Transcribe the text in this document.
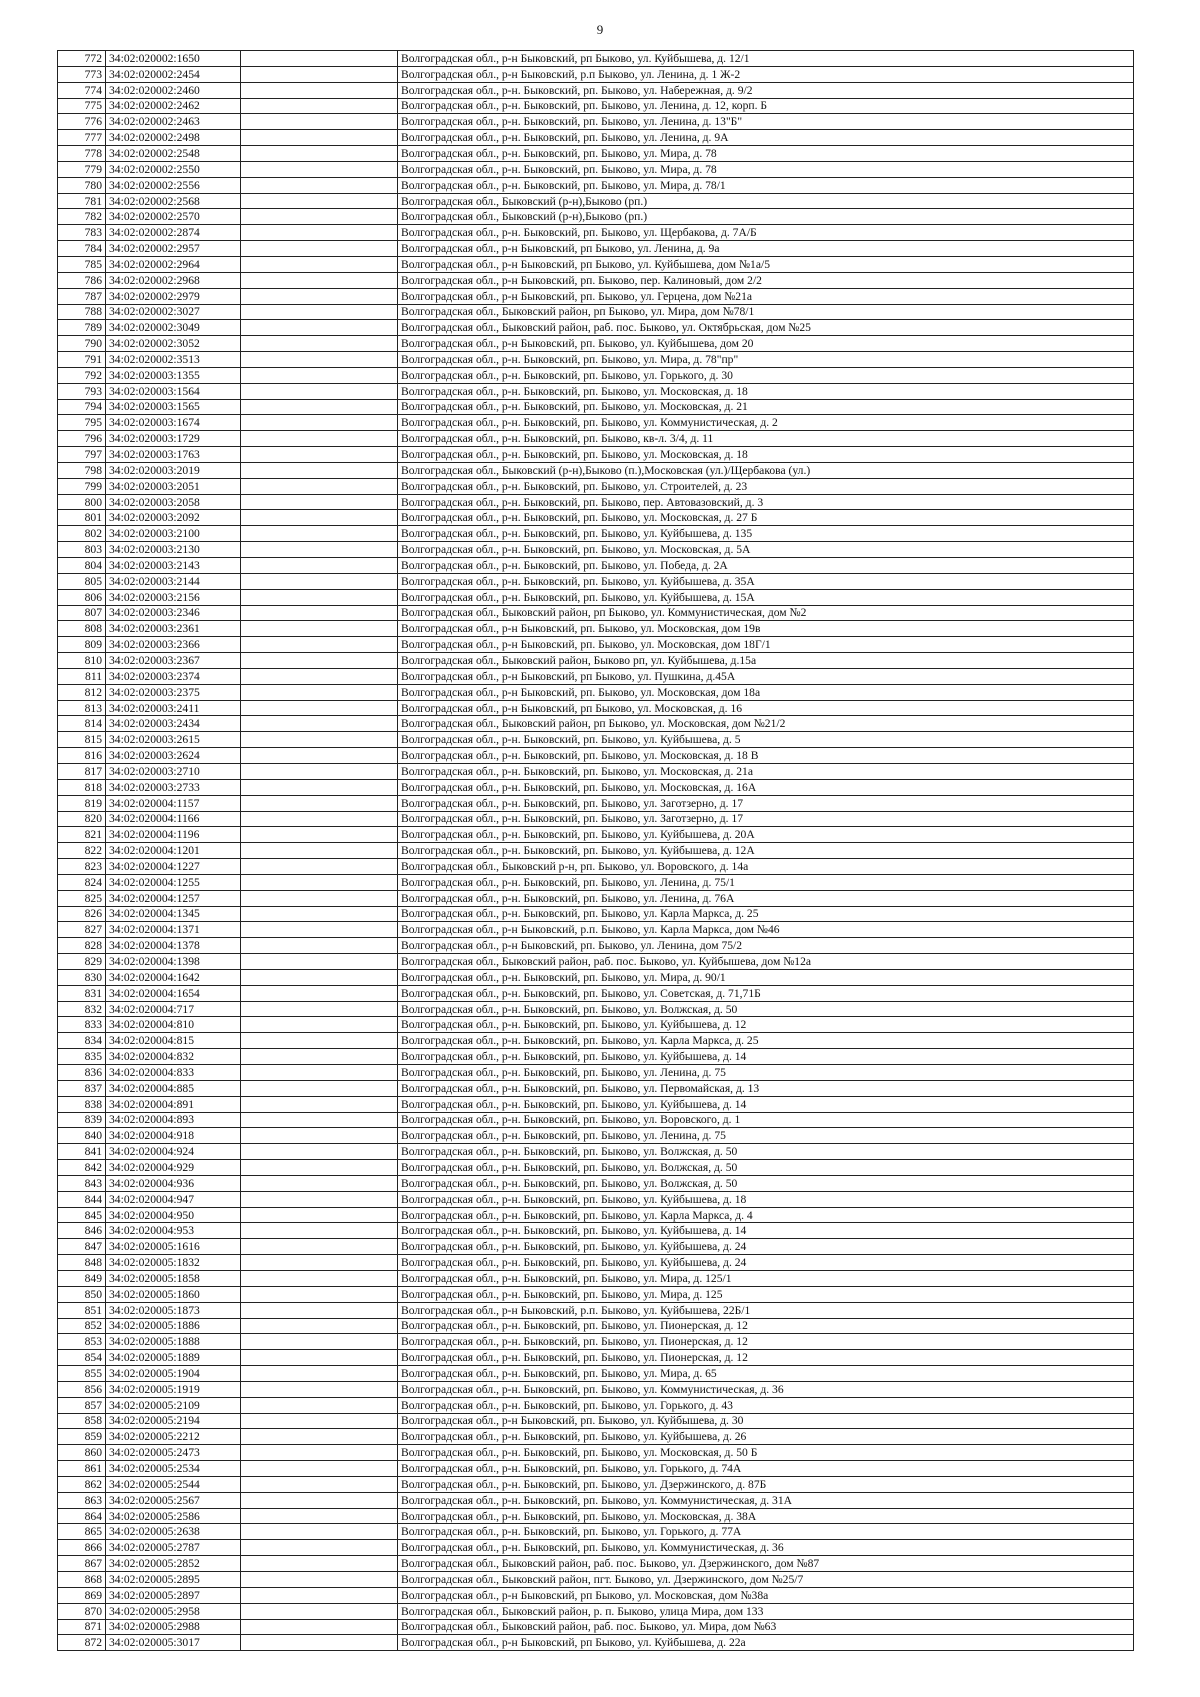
9
772	34:02:020002:1650		Волгоградская обл., р-н Быковский, рп Быково, ул. Куйбышева, д. 12/1
773	34:02:020002:2454		Волгоградская обл., р-н Быковский, р.п Быково, ул. Ленина, д. 1 Ж-2
774	34:02:020002:2460		Волгоградская обл., р-н. Быковский, рп. Быково, ул. Набережная, д. 9/2
775	34:02:020002:2462		Волгоградская обл., р-н. Быковский, рп. Быково, ул. Ленина, д. 12, корп. Б
776	34:02:020002:2463		Волгоградская обл., р-н. Быковский, рп. Быково, ул. Ленина, д. 13"Б"
777	34:02:020002:2498		Волгоградская обл., р-н. Быковский, рп. Быково, ул. Ленина, д. 9А
778	34:02:020002:2548		Волгоградская обл., р-н. Быковский, рп. Быково, ул. Мира, д. 78
779	34:02:020002:2550		Волгоградская обл., р-н. Быковский, рп. Быково, ул. Мира, д. 78
780	34:02:020002:2556		Волгоградская обл., р-н. Быковский, рп. Быково, ул. Мира, д. 78/1
781	34:02:020002:2568		Волгоградская обл., Быковский (р-н),Быково (рп.)
782	34:02:020002:2570		Волгоградская обл., Быковский (р-н),Быково (рп.)
783	34:02:020002:2874		Волгоградская обл., р-н. Быковский, рп. Быково, ул. Щербакова, д. 7А/Б
784	34:02:020002:2957		Волгоградская обл., р-н Быковский, рп Быково, ул. Ленина, д. 9а
785	34:02:020002:2964		Волгоградская обл., р-н Быковский, рп Быково, ул. Куйбышева, дом №1а/5
786	34:02:020002:2968		Волгоградская обл., р-н Быковский, рп. Быково, пер. Калиновый, дом 2/2
787	34:02:020002:2979		Волгоградская обл., р-н Быковский, рп. Быково, ул. Герцена, дом №21а
788	34:02:020002:3027		Волгоградская обл., Быковский район, рп Быково, ул. Мира, дом №78/1
789	34:02:020002:3049		Волгоградская обл., Быковский район, раб. пос. Быково, ул. Октябрьская, дом №25
790	34:02:020002:3052		Волгоградская обл., р-н Быковский, рп. Быково, ул. Куйбышева, дом 20
791	34:02:020002:3513		Волгоградская обл., р-н. Быковский, рп. Быково, ул. Мира, д. 78"пр"
792	34:02:020003:1355		Волгоградская обл., р-н. Быковский, рп. Быково, ул. Горького, д. 30
793	34:02:020003:1564		Волгоградская обл., р-н. Быковский, рп. Быково, ул. Московская, д. 18
794	34:02:020003:1565		Волгоградская обл., р-н. Быковский, рп. Быково, ул. Московская, д. 21
795	34:02:020003:1674		Волгоградская обл., р-н. Быковский, рп. Быково, ул. Коммунистическая, д. 2
796	34:02:020003:1729		Волгоградская обл., р-н. Быковский, рп. Быково, кв-л. 3/4, д. 11
797	34:02:020003:1763		Волгоградская обл., р-н. Быковский, рп. Быково, ул. Московская, д. 18
798	34:02:020003:2019		Волгоградская обл., Быковский (р-н),Быково (п.),Московская (ул.)/Щербакова (ул.)
799	34:02:020003:2051		Волгоградская обл., р-н. Быковский, рп. Быково, ул. Строителей, д. 23
800	34:02:020003:2058		Волгоградская обл., р-н. Быковский, рп. Быково, пер. Автовазовский, д. 3
801	34:02:020003:2092		Волгоградская обл., р-н. Быковский, рп. Быково, ул. Московская, д. 27 Б
802	34:02:020003:2100		Волгоградская обл., р-н. Быковский, рп. Быково, ул. Куйбышева, д. 135
803	34:02:020003:2130		Волгоградская обл., р-н. Быковский, рп. Быково, ул. Московская, д. 5А
804	34:02:020003:2143		Волгоградская обл., р-н. Быковский, рп. Быково, ул. Победа, д. 2А
805	34:02:020003:2144		Волгоградская обл., р-н. Быковский, рп. Быково, ул. Куйбышева, д. 35А
806	34:02:020003:2156		Волгоградская обл., р-н. Быковский, рп. Быково, ул. Куйбышева, д. 15А
807	34:02:020003:2346		Волгоградская обл., Быковский район, рп Быково, ул. Коммунистическая, дом №2
808	34:02:020003:2361		Волгоградская обл., р-н Быковский, рп. Быково, ул. Московская, дом 19в
809	34:02:020003:2366		Волгоградская обл., р-н Быковский, рп. Быково, ул. Московская, дом 18Г/1
810	34:02:020003:2367		Волгоградская обл., Быковский район, Быково рп, ул. Куйбышева, д.15а
811	34:02:020003:2374		Волгоградская обл., р-н Быковский, рп Быково, ул. Пушкина, д.45А
812	34:02:020003:2375		Волгоградская обл., р-н Быковский, рп. Быково, ул. Московская, дом 18а
813	34:02:020003:2411		Волгоградская обл., р-н Быковский, рп Быково, ул. Московская, д. 16
814	34:02:020003:2434		Волгоградская обл., Быковский район, рп Быково, ул. Московская, дом №21/2
815	34:02:020003:2615		Волгоградская обл., р-н. Быковский, рп. Быково, ул. Куйбышева, д. 5
816	34:02:020003:2624		Волгоградская обл., р-н. Быковский, рп. Быково, ул. Московская, д. 18 В
817	34:02:020003:2710		Волгоградская обл., р-н. Быковский, рп. Быково, ул. Московская, д. 21а
818	34:02:020003:2733		Волгоградская обл., р-н. Быковский, рп. Быково, ул. Московская, д. 16А
819	34:02:020004:1157		Волгоградская обл., р-н. Быковский, рп. Быково, ул. Заготзерно, д. 17
820	34:02:020004:1166		Волгоградская обл., р-н. Быковский, рп. Быково, ул. Заготзерно, д. 17
821	34:02:020004:1196		Волгоградская обл., р-н. Быковский, рп. Быково, ул. Куйбышева, д. 20А
822	34:02:020004:1201		Волгоградская обл., р-н. Быковский, рп. Быково, ул. Куйбышева, д. 12А
823	34:02:020004:1227		Волгоградская обл., Быковский р-н, рп. Быково, ул. Воровского, д. 14а
824	34:02:020004:1255		Волгоградская обл., р-н. Быковский, рп. Быково, ул. Ленина, д. 75/1
825	34:02:020004:1257		Волгоградская обл., р-н. Быковский, рп. Быково, ул. Ленина, д. 76А
826	34:02:020004:1345		Волгоградская обл., р-н. Быковский, рп. Быково, ул. Карла Маркса, д. 25
827	34:02:020004:1371		Волгоградская обл., р-н Быковский, р.п. Быково, ул. Карла Маркса, дом №46
828	34:02:020004:1378		Волгоградская обл., р-н Быковский, рп. Быково, ул. Ленина, дом 75/2
829	34:02:020004:1398		Волгоградская обл., Быковский район, раб. пос. Быково, ул. Куйбышева, дом №12а
830	34:02:020004:1642		Волгоградская обл., р-н. Быковский, рп. Быково, ул. Мира, д. 90/1
831	34:02:020004:1654		Волгоградская обл., р-н. Быковский, рп. Быково, ул. Советская, д. 71,71Б
832	34:02:020004:717		Волгоградская обл., р-н. Быковский, рп. Быково, ул. Волжская, д. 50
833	34:02:020004:810		Волгоградская обл., р-н. Быковский, рп. Быково, ул. Куйбышева, д. 12
834	34:02:020004:815		Волгоградская обл., р-н. Быковский, рп. Быково, ул. Карла Маркса, д. 25
835	34:02:020004:832		Волгоградская обл., р-н. Быковский, рп. Быково, ул. Куйбышева, д. 14
836	34:02:020004:833		Волгоградская обл., р-н. Быковский, рп. Быково, ул. Ленина, д. 75
837	34:02:020004:885		Волгоградская обл., р-н. Быковский, рп. Быково, ул. Первомайская, д. 13
838	34:02:020004:891		Волгоградская обл., р-н. Быковский, рп. Быково, ул. Куйбышева, д. 14
839	34:02:020004:893		Волгоградская обл., р-н. Быковский, рп. Быково, ул. Воровского, д. 1
840	34:02:020004:918		Волгоградская обл., р-н. Быковский, рп. Быково, ул. Ленина, д. 75
841	34:02:020004:924		Волгоградская обл., р-н. Быковский, рп. Быково, ул. Волжская, д. 50
842	34:02:020004:929		Волгоградская обл., р-н. Быковский, рп. Быково, ул. Волжская, д. 50
843	34:02:020004:936		Волгоградская обл., р-н. Быковский, рп. Быково, ул. Волжская, д. 50
844	34:02:020004:947		Волгоградская обл., р-н. Быковский, рп. Быково, ул. Куйбышева, д. 18
845	34:02:020004:950		Волгоградская обл., р-н. Быковский, рп. Быково, ул. Карла Маркса, д. 4
846	34:02:020004:953		Волгоградская обл., р-н. Быковский, рп. Быково, ул. Куйбышева, д. 14
847	34:02:020005:1616		Волгоградская обл., р-н. Быковский, рп. Быково, ул. Куйбышева, д. 24
848	34:02:020005:1832		Волгоградская обл., р-н. Быковский, рп. Быково, ул. Куйбышева, д. 24
849	34:02:020005:1858		Волгоградская обл., р-н. Быковский, рп. Быково, ул. Мира, д. 125/1
850	34:02:020005:1860		Волгоградская обл., р-н. Быковский, рп. Быково, ул. Мира, д. 125
851	34:02:020005:1873		Волгоградская обл., р-н Быковский, р.п. Быково, ул. Куйбышева, 22Б/1
852	34:02:020005:1886		Волгоградская обл., р-н. Быковский, рп. Быково, ул. Пионерская, д. 12
853	34:02:020005:1888		Волгоградская обл., р-н. Быковский, рп. Быково, ул. Пионерская, д. 12
854	34:02:020005:1889		Волгоградская обл., р-н. Быковский, рп. Быково, ул. Пионерская, д. 12
855	34:02:020005:1904		Волгоградская обл., р-н. Быковский, рп. Быково, ул. Мира, д. 65
856	34:02:020005:1919		Волгоградская обл., р-н. Быковский, рп. Быково, ул. Коммунистическая, д. 36
857	34:02:020005:2109		Волгоградская обл., р-н. Быковский, рп. Быково, ул. Горького, д. 43
858	34:02:020005:2194		Волгоградская обл., р-н Быковский, рп. Быково, ул. Куйбышева, д. 30
859	34:02:020005:2212		Волгоградская обл., р-н. Быковский, рп. Быково, ул. Куйбышева, д. 26
860	34:02:020005:2473		Волгоградская обл., р-н. Быковский, рп. Быково, ул. Московская, д. 50 Б
861	34:02:020005:2534		Волгоградская обл., р-н. Быковский, рп. Быково, ул. Горького, д. 74А
862	34:02:020005:2544		Волгоградская обл., р-н. Быковский, рп. Быково, ул. Дзержинского, д. 87Б
863	34:02:020005:2567		Волгоградская обл., р-н. Быковский, рп. Быково, ул. Коммунистическая, д. 31А
864	34:02:020005:2586		Волгоградская обл., р-н. Быковский, рп. Быково, ул. Московская, д. 38А
865	34:02:020005:2638		Волгоградская обл., р-н. Быковский, рп. Быково, ул. Горького, д. 77А
866	34:02:020005:2787		Волгоградская обл., р-н. Быковский, рп. Быково, ул. Коммунистическая, д. 36
867	34:02:020005:2852		Волгоградская обл., Быковский район, раб. пос. Быково, ул. Дзержинского, дом №87
868	34:02:020005:2895		Волгоградская обл., Быковский район, пгт. Быково, ул. Дзержинского, дом №25/7
869	34:02:020005:2897		Волгоградская обл., р-н Быковский, рп Быково, ул. Московская, дом №38а
870	34:02:020005:2958		Волгоградская обл., Быковский район, р. п. Быково, улица Мира, дом 133
871	34:02:020005:2988		Волгоградская обл., Быковский район, раб. пос. Быково, ул. Мира, дом №63
872	34:02:020005:3017		Волгоградская обл., р-н Быковский, рп Быково, ул. Куйбышева, д. 22а
